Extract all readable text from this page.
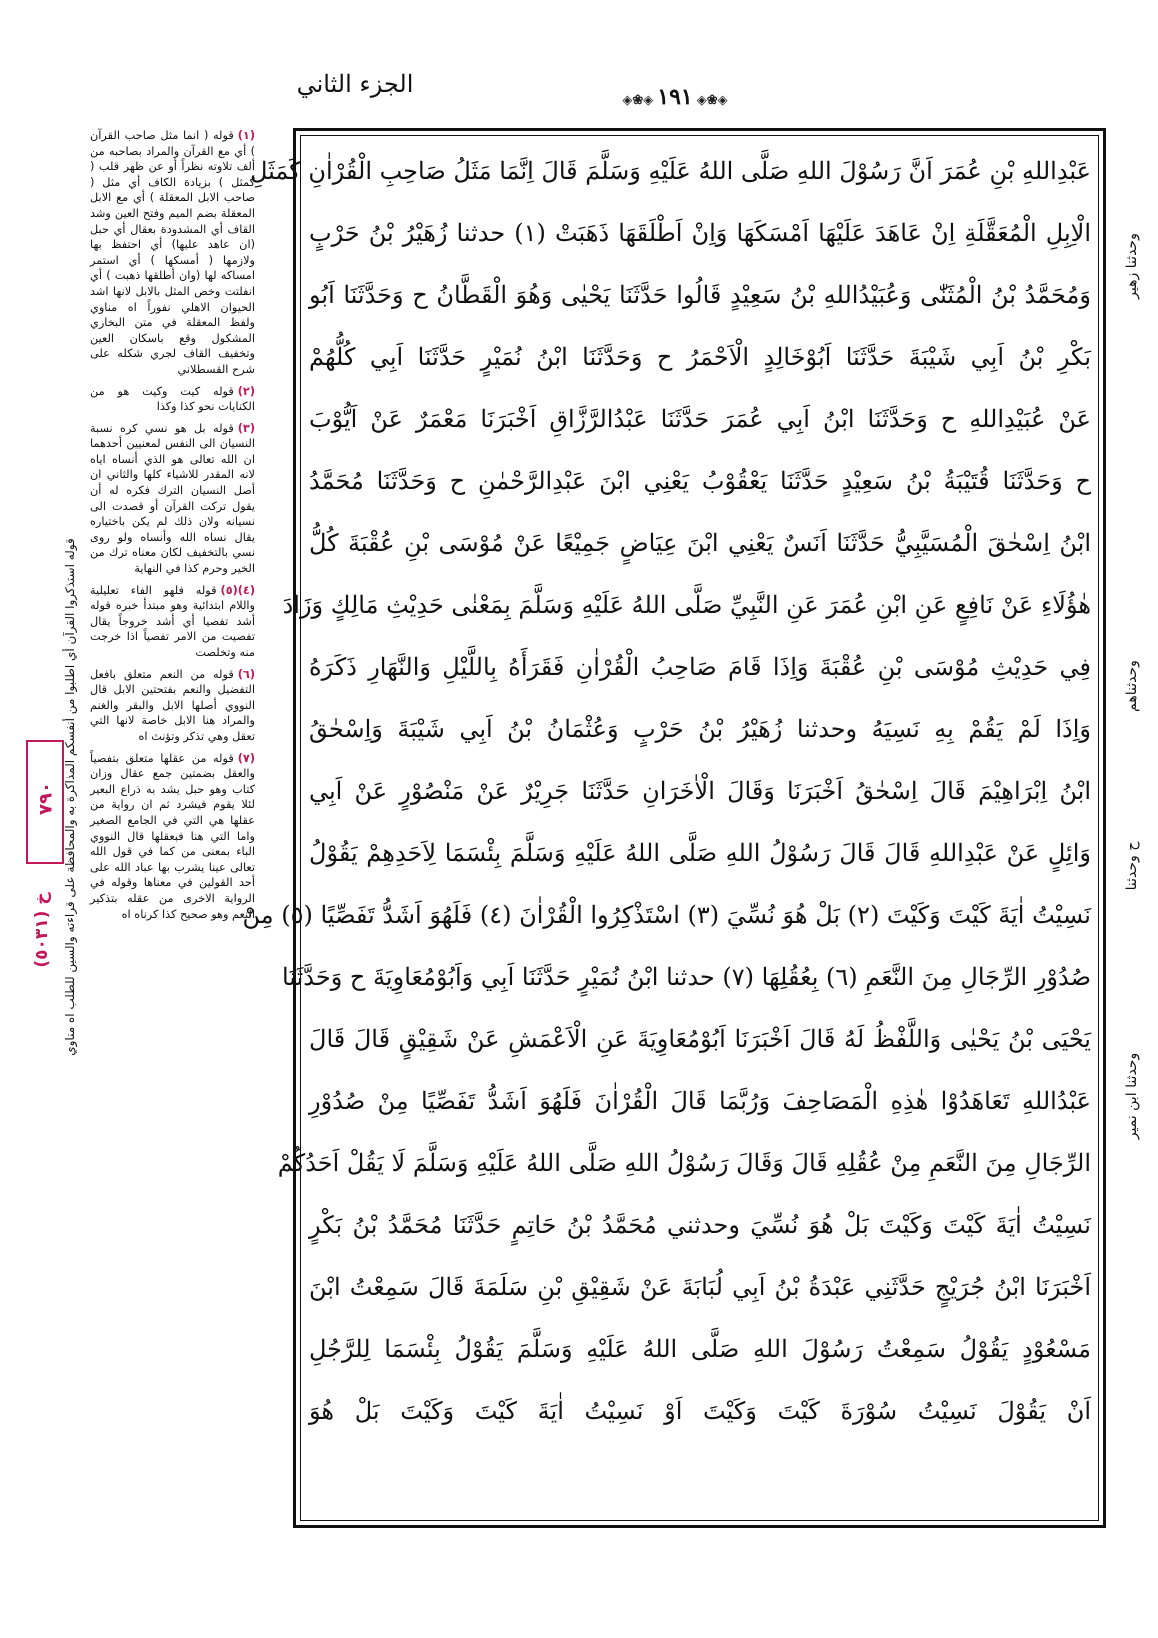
الجزء الثاني
◈❀◈	١٩١ ◈❀◈
عَبْدِاللهِ بْنِ عُمَرَ اَنَّ رَسُوْلَ اللهِ صَلَّى اللهُ عَلَيْهِ وَسَلَّمَ قَالَ اِنَّمَا مَثَلُ صَاحِبِ الْقُرْاٰنِ كَمَثَلِ
الْاِبِلِ الْمُعَقَّلَةِ اِنْ عَاهَدَ عَلَيْهَا اَمْسَكَهَا وَاِنْ اَطْلَقَهَا ذَهَبَتْ (١) حدثنا زُهَيْرُ بْنُ حَرْبٍ
وَمُحَمَّدُ بْنُ الْمُثَنّٰى وَعُبَيْدُاللهِ بْنُ سَعِيْدٍ قَالُوا حَدَّثَنَا يَحْيٰى وَهُوَ الْقَطَّانُ ح وَحَدَّثَنَا اَبُو
بَكْرِ بْنُ اَبِي شَيْبَةَ حَدَّثَنَا اَبُوْخَالِدٍ الْاَحْمَرُ ح وَحَدَّثَنَا ابْنُ نُمَيْرٍ حَدَّثَنَا اَبِي كُلُّهُمْ
عَنْ عُبَيْدِاللهِ ح وَحَدَّثَنَا ابْنُ اَبِي عُمَرَ حَدَّثَنَا عَبْدُالرَّزَّاقِ اَخْبَرَنَا مَعْمَرٌ عَنْ اَيُّوْبَ
ح وَحَدَّثَنَا قُتَيْبَةُ بْنُ سَعِيْدٍ حَدَّثَنَا يَعْقُوْبُ يَعْنِي ابْنَ عَبْدِالرَّحْمٰنِ ح وَحَدَّثَنَا مُحَمَّدُ
ابْنُ اِسْحٰقَ الْمُسَيَّبِيُّ حَدَّثَنَا اَنَسٌ يَعْنِي ابْنَ عِيَاضٍ جَمِيْعًا عَنْ مُوْسَى بْنِ عُقْبَةَ كُلُّ
هٰؤُلَاءِ عَنْ نَافِعٍ عَنِ ابْنِ عُمَرَ عَنِ النَّبِيِّ صَلَّى اللهُ عَلَيْهِ وَسَلَّمَ بِمَعْنٰى حَدِيْثِ مَالِكٍ وَزَادَ
فِي حَدِيْثِ مُوْسَى بْنِ عُقْبَةَ وَاِذَا قَامَ صَاحِبُ الْقُرْاٰنِ فَقَرَأَهُ بِاللَّيْلِ وَالنَّهَارِ ذَكَرَهُ
وَاِذَا لَمْ يَقُمْ بِهِ نَسِيَهُ وحدثنا زُهَيْرُ بْنُ حَرْبٍ وَعُثْمَانُ بْنُ اَبِي شَيْبَةَ وَاِسْحٰقُ
ابْنُ اِبْرَاهِيْمَ قَالَ اِسْحٰقُ اَخْبَرَنَا وَقَالَ الْاٰخَرَانِ حَدَّثَنَا جَرِيْرٌ عَنْ مَنْصُوْرٍ عَنْ اَبِي
وَائِلٍ عَنْ عَبْدِاللهِ قَالَ قَالَ رَسُوْلُ اللهِ صَلَّى اللهُ عَلَيْهِ وَسَلَّمَ بِئْسَمَا لِاَحَدِهِمْ يَقُوْلُ
نَسِيْتُ اٰيَةَ كَيْتَ وَكَيْتَ (٢) بَلْ هُوَ نُسِّيَ (٣) اسْتَذْكِرُوا الْقُرْاٰنَ (٤) فَلَهُوَ اَشَدُّ تَفَصِّيًا (٥) مِنْ
صُدُوْرِ الرِّجَالِ مِنَ النَّعَمِ (٦) بِعُقُلِهَا (٧) حدثنا ابْنُ نُمَيْرٍ حَدَّثَنَا اَبِي وَاَبُوْمُعَاوِيَةَ ح وَحَدَّثَنَا
يَحْيَى بْنُ يَحْيٰى وَاللَّفْظُ لَهُ قَالَ اَخْبَرَنَا اَبُوْمُعَاوِيَةَ عَنِ الْاَعْمَشِ عَنْ شَقِيْقٍ قَالَ قَالَ
عَبْدُاللهِ تَعَاهَدُوْا هٰذِهِ الْمَصَاحِفَ وَرُبَّمَا قَالَ الْقُرْاٰنَ فَلَهُوَ اَشَدُّ تَفَصِّيًا مِنْ صُدُوْرِ
الرِّجَالِ مِنَ النَّعَمِ مِنْ عُقُلِهِ قَالَ وَقَالَ رَسُوْلُ اللهِ صَلَّى اللهُ عَلَيْهِ وَسَلَّمَ لَا يَقُلْ اَحَدُكُمْ
نَسِيْتُ اٰيَةَ كَيْتَ وَكَيْتَ بَلْ هُوَ نُسِّيَ وحدثني مُحَمَّدُ بْنُ حَاتِمٍ حَدَّثَنَا مُحَمَّدُ بْنُ بَكْرٍ
اَخْبَرَنَا ابْنُ جُرَيْجٍ حَدَّثَنِي عَبْدَةُ بْنُ اَبِي لُبَابَةَ عَنْ شَقِيْقِ بْنِ سَلَمَةَ قَالَ سَمِعْتُ ابْنَ
مَسْعُوْدٍ يَقُوْلُ سَمِعْتُ رَسُوْلَ اللهِ صَلَّى اللهُ عَلَيْهِ وَسَلَّمَ يَقُوْلُ بِئْسَمَا لِلرَّجُلِ
اَنْ يَقُوْلَ نَسِيْتُ سُوْرَةَ كَيْتَ وَكَيْتَ اَوْ نَسِيْتُ اٰيَةَ كَيْتَ وَكَيْتَ بَلْ هُوَ
(١)قوله ( انما مثل صاحب القرآن ) أي مع القرآن والمراد بصاحبه من ألف تلاوته نظراً أو عن ظهر قلب ( كمثل ) بزيادة الكاف أي مثل ( صاحب الابل المعقلة ) أي مع الابل المعقلة بضم الميم وفتح العين وشد القاف أي المشدودة بعقال أي حبل (ان عاهد عليها) أي احتفظ بها ولازمها ( أمسكها ) أي استمر امساكه لها (وان أطلقها ذهبت ) أي انفلتت وخص المثل بالابل لانها اشد الحيوان الاهلي نفوراً اه مناوي ولفظ المعقلة في متن البخاري المشكول وقع باسكان العين وتخفيف القاف لجري شكله على شرح القسطلاني
(٢)قوله كيت وكيت هو من الكنايات نحو كذا وكذا
(٣)قوله بل هو نسي كره نسبة النسيان الى النفس لمعنيين أحدهما ان الله تعالى هو الذي أنساه اياه لانه المقدر للاشياء كلها والثاني ان أصل النسيان الترك فكره له أن يقول تركت القرآن أو قصدت الى نسيانه ولان ذلك لم يكن باختياره يقال نساه الله وأنساه ولو روى نسي بالتخفيف لكان معناه ترك من الخير وحرم كذا في النهاية
(٤)(٥)قوله فلهو الفاء تعليلية واللام ابتدائية وهو مبتدأ خبره قوله أشد تفصيا أي أشد خروجاً يقال تفصيت من الامر تفصياً اذا خرجت منه وتخلصت
(٦)قوله من النعم متعلق بافعل التفضيل والنعم بفتحتين الابل قال النووي أصلها الابل والبقر والغنم والمراد هنا الابل خاصة لانها التي تعقل وهي تذكر وتؤنث اه
(٧)قوله من عقلها متعلق بتفصياً والعقل بضمتين جمع عقال وزان كتاب وهو حبل يشد به ذراع البعير لئلا يقوم فيشرد ثم ان رواية من عقلها هي التي في الجامع الصغير واما التي هنا فبعقلها قال النووي الباء بمعنى من كما في قول الله تعالى عينا يشرب بها عباد الله على أحد القولين في معناها وقوله في الرواية الاخرى من عقله بتذكير النعم وهو صحيح كذا كرناه اه
قوله استذكروا القرآن أي اطلبوا من أنفسكم المذاكرة به والمحافظة على قراءته والسين للطلب اه مناوي
٧٩٠
(٥٠٣١) خ
وحدثنا زهير
وحدثناهم
ح وحدثنا
وحدثنا ابن نمير
